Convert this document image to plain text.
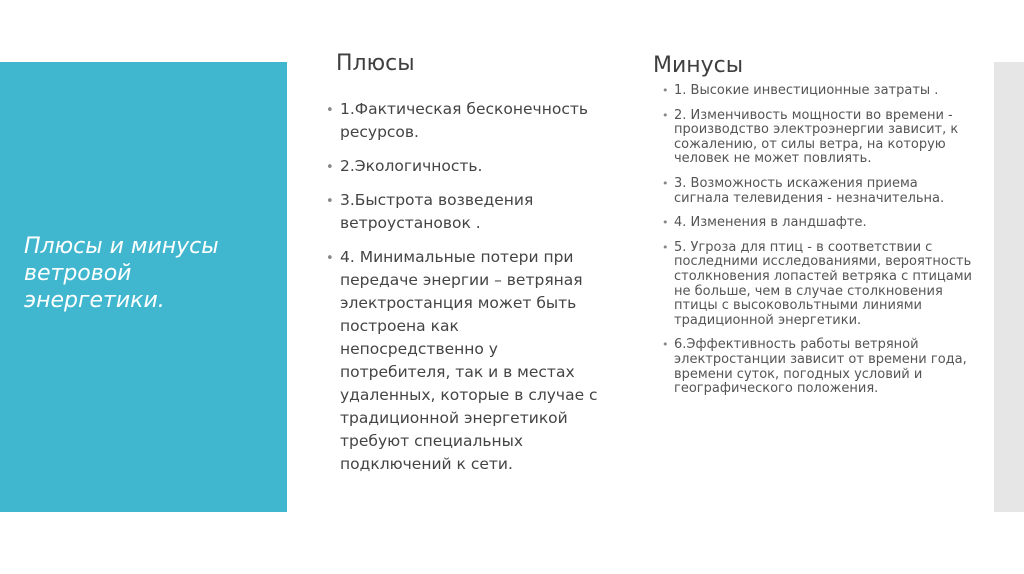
Плюсы и минусы ветровой энергетики.
Плюсы	Минусы
• 1.Фактическая бесконечность ресурсов.
• 2.Экологичность.
• 3.Быстрота возведения ветроустановок .
• 4. Минимальные потери при передаче энергии – ветряная электростанция может быть построена как непосредственно у потребителя, так и в местах удаленных, которые в случае с традиционной энергетикой требуют специальных подключений к сети.
• 1. Высокие инвестиционные затраты .
• 2. Изменчивость мощности во времени - производство электроэнергии зависит, к сожалению, от силы ветра, на которую человек не может повлиять.
• 3. Возможность искажения приема сигнала телевидения - незначительна.
• 4. Изменения в ландшафте.
• 5. Угроза для птиц - в соответствии с последними исследованиями, вероятность столкновения лопастей ветряка с птицами не больше, чем в случае столкновения птицы с высоковольтными линиями традиционной энергетики.
• 6.Эффективность работы ветряной электростанции зависит от времени года, времени суток, погодных условий и географического положения.
